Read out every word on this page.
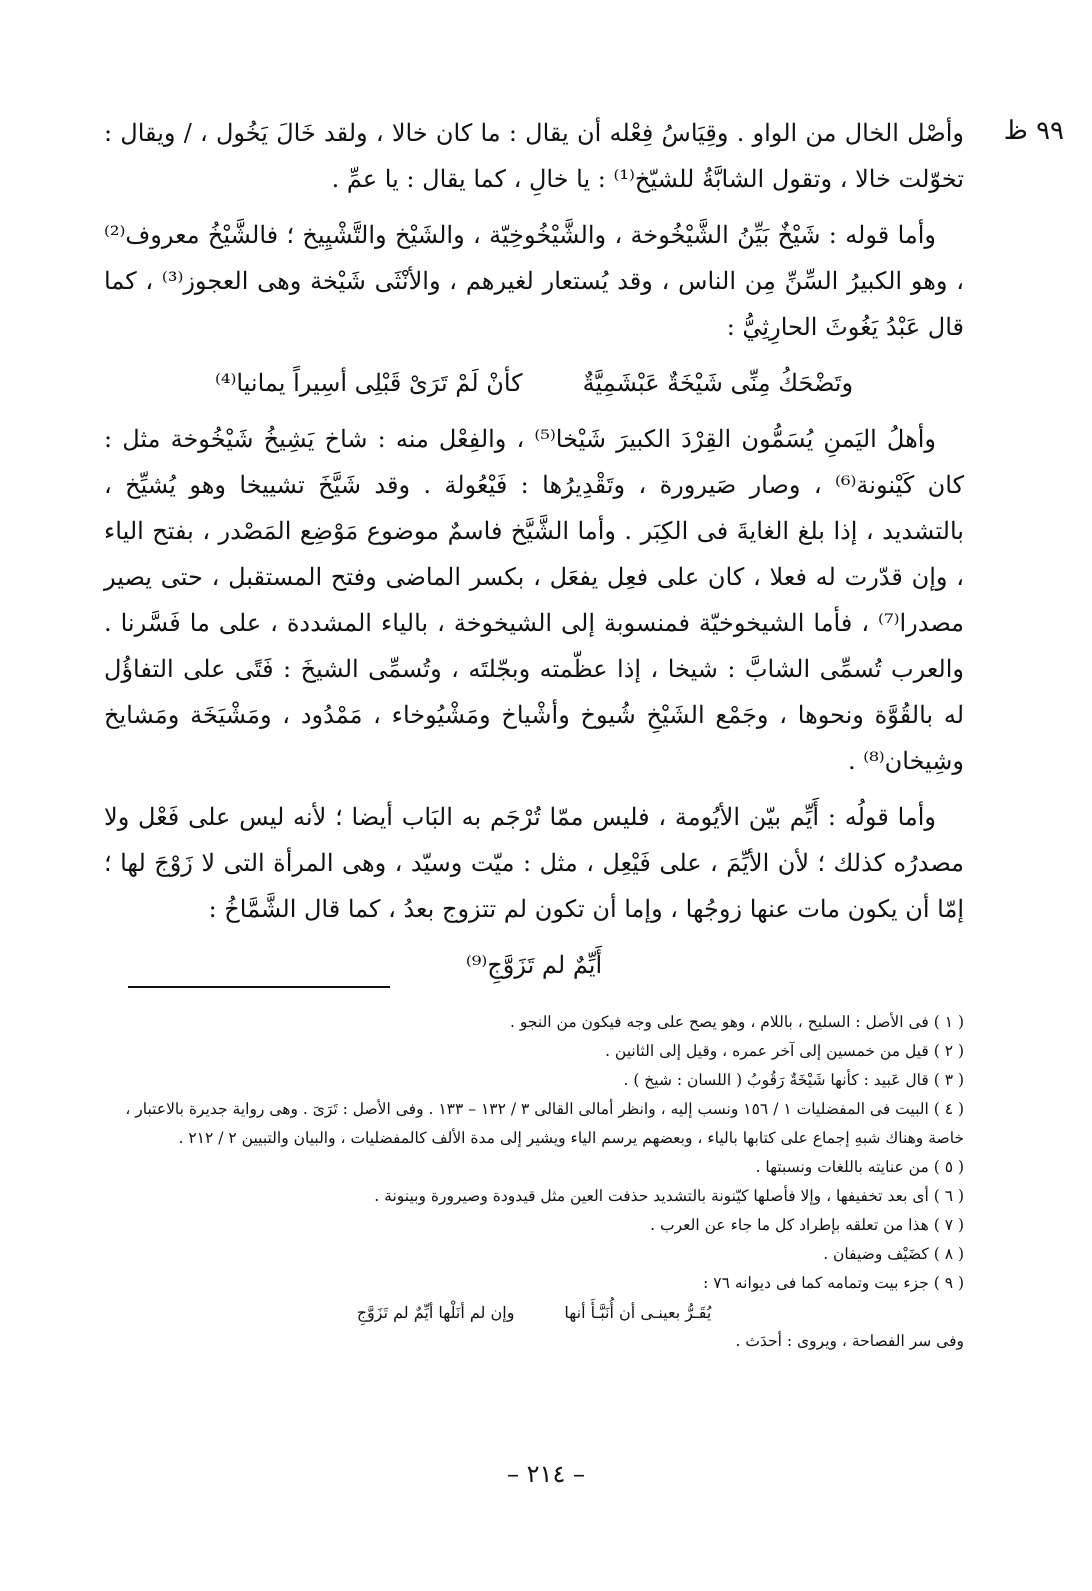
٩٩ ظ

وأصْل الخال من الواو . وقِيَاسُ فِعْله أن يقال : ما كان خالا ، ولقد خَالَ يَخُول ، / ويقال : تخوّلت خالا ، وتقول الشابَّةُ للشيّخ⁽¹⁾ : يا خالِ ، كما يقال : يا عمِّ .

وأما قوله : شَيْخٌ بَيِّنُ الشَّيْخُوخة ، والشَّيْخُوخِيّة ، والشَيْخ والتَّشْيِيخ ؛ فالشَّيْخُ معروف⁽²⁾ ، وهو الكبيرُ السِّنِّ مِن الناس ، وقد يُستعار لغيرهم ، والأنْثَى شَيْخة وهى العجوز⁽³⁾ ، كما قال عَبْدُ يَغُوثَ الحارِثِيُّ :

وتَضْحَكُ مِنِّى شَيْخَةٌ عَبْشَمِيَّةٌ
كأنْ لَمْ تَرَىْ قَبْلِى أسِيراً يمانيا⁽⁴⁾

وأهلُ اليَمنِ يُسَمُّون القِرْدَ الكبيرَ شَيْخا⁽⁵⁾ ، والفِعْل منه : شاخ يَشِيخُ شَيْخُوخة مثل : كان كَيْنونة⁽⁶⁾ ، وصار صَيرورة ، وتَقْدِيرُها : فَيْعُولة . وقد شَيَّخَ تشييخا وهو يُشيِّخ ، بالتشديد ، إذا بلغ الغايةَ فى الكِبَر . وأما الشَّيَّخ فاسمٌ موضوع مَوْضِع المَصْدر ، بفتح الياء ، وإن قدّرت له فعلا ، كان على فعِل يفعَل ، بكسر الماضى وفتح المستقبل ، حتى يصير مصدرا⁽⁷⁾ ، فأما الشيخوخيّة فمنسوبة إلى الشيخوخة ، بالياء المشددة ، على ما فَسَّرنا . والعرب تُسمِّى الشابَّ : شيخا ، إذا عظّمته وبجّلتَه ، وتُسمِّى الشيخَ : فَتًى على التفاؤُل له بالقُوَّة ونحوها ، وجَمْع الشَيْخِ شُيوخ وأشْياخ ومَشْيُوخاء ، مَمْدُود ، ومَشْيَخَة ومَشايخ وشِيخان⁽⁸⁾ .

وأما قولُه : أَيِّم بيّن الأيُومة ، فليس ممّا تُرْجَم به البَاب أيضا ؛ لأنه ليس على فَعْل ولا مصدرُه كذلك ؛ لأن الأيِّمَ ، على فَيْعِل ، مثل : ميّت وسيّد ، وهى المرأة التى لا زَوْجَ لها ؛ إمّا أن يكون مات عنها زوجُها ، وإما أن تكون لم تتزوج بعدُ ، كما قال الشَّمَّاخُ :

أَيِّمٌ لم تَزَوَّجِ⁽⁹⁾

( ١ ) فى الأصل : السليح ، باللام ، وهو يصح على وجه فيكون من النجو .
( ٢ ) قيل من خمسين إلى آخر عمره ، وقيل إلى الثانين .
( ٣ ) قال عَبيد : كأنها شَيْخَةٌ رَقُوبُ ( اللسان : شيخ ) .
( ٤ ) البيت فى المفضليات ١ / ١٥٦ ونسب إليه ، وانظر أمالى القالى ٣ / ١٣٢ – ١٣٣ . وفى الأصل : تَرَىَ . وهى رواية جديرة بالاعتبار ، خاصة وهناك شبهِ إجماع على كتابها بالياء ، وبعضهم يرسم الياء ويشير إلى مدة الألف كالمفضليات ، والبيان والتبيين ٢ / ٢١٢ .
( ٥ ) من عنايته باللغات ونسبتها .
( ٦ ) أى بعد تخفيفها ، وإلا فأصلها كيّنونة بالتشديد حذفت العين مثل قيدودة وصيرورة وبينونة .
( ٧ ) هذا من تعلقه بإطراد كل ما جاء عن العرب .
( ٨ ) كضَيْف وضيفان .
( ٩ ) جزء بيت وتمامه كما فى ديوانه ٧٦ :
يُقَـرُّ بعينـى أن أُنَبَّـأَ أنها
وإن لم أنَلْها أيِّمٌ لم تَزَوَّجِ
وفى سر الفصاحة ، ويروى : أحدَث .
– ٢١٤ –
